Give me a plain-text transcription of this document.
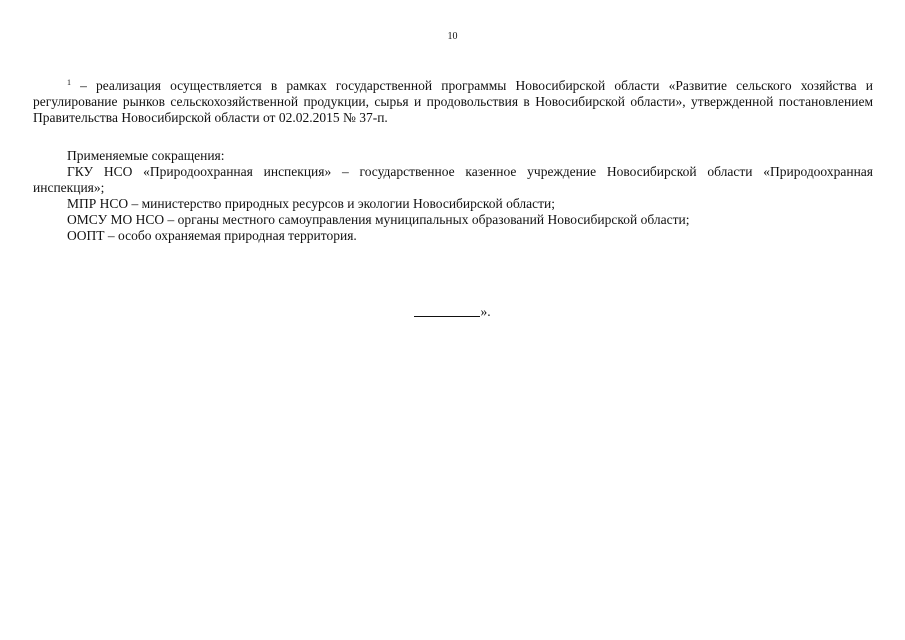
10

$^1$ – реализация осуществляется в рамках государственной программы Новосибирской области «Развитие сельского хозяйства и регулирование рынков сельскохозяйственной продукции, сырья и продовольствия в Новосибирской области», утвержденной постановлением Правительства Новосибирской области от 02.02.2015 № 37-п.

Применяемые сокращения:

ГКУ НСО «Природоохранная инспекция» – государственное казенное учреждение Новосибирской области «Природоохранная инспекция»;

МПР НСО – министерство природных ресурсов и экологии Новосибирской области;

ОМСУ МО НСО – органы местного самоуправления муниципальных образований Новосибирской области;

ООПТ – особо охраняемая природная территория.

».
